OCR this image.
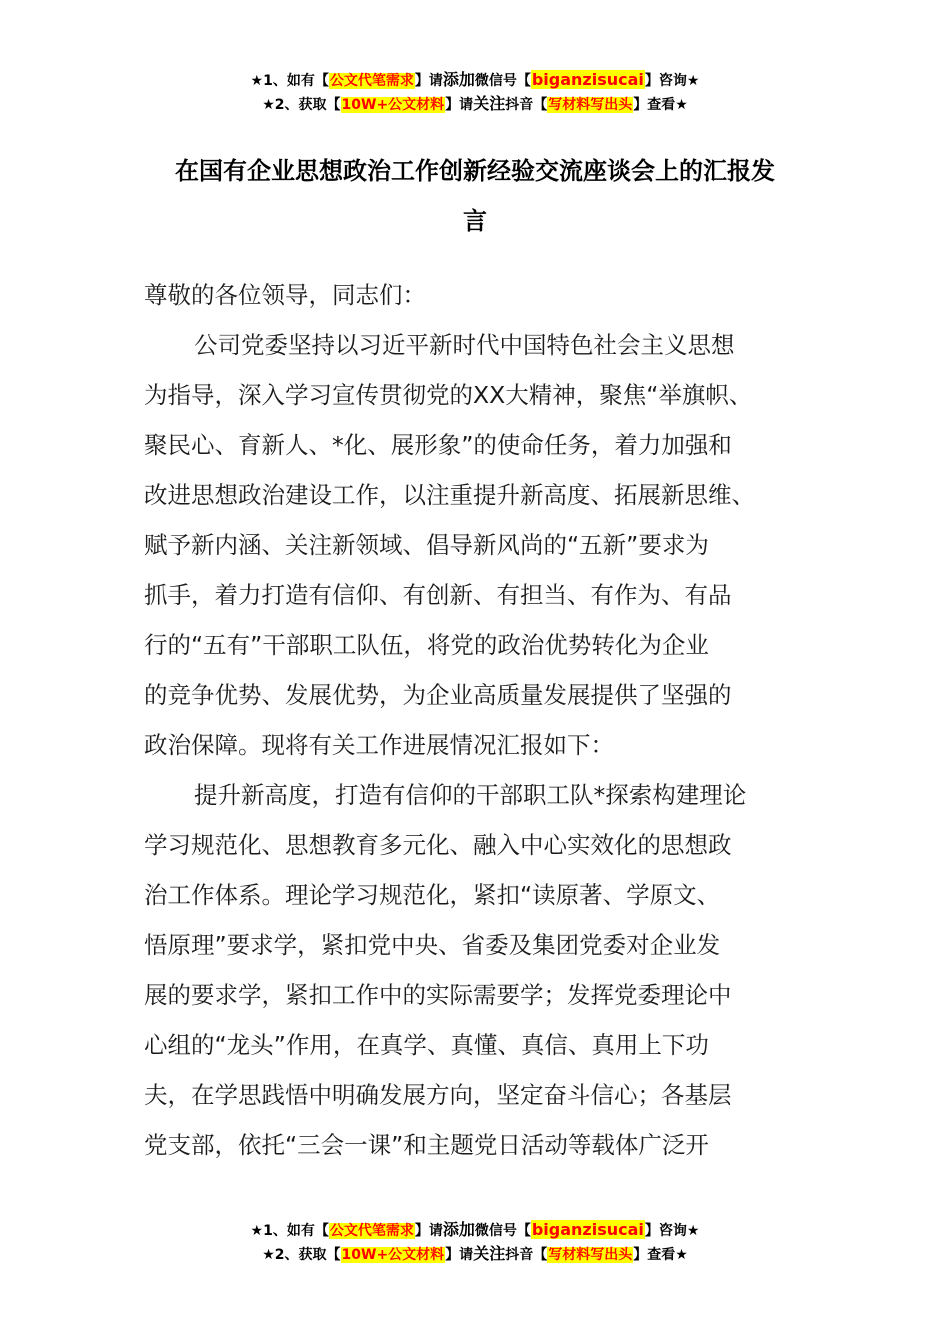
★1、如有【公文代笔需求】请添加微信号【biganzisucai】咨询★
★2、获取【10W+公文材料】请关注抖音【写材料写出头】查看★
在国有企业思想政治工作创新经验交流座谈会上的汇报发
言
尊敬的各位领导，同志们：
公司党委坚持以习近平新时代中国特色社会主义思想
为指导，深入学习宣传贯彻党的XX大精神，聚焦“举旗帜、
聚民心、育新人、*化、展形象”的使命任务，着力加强和
改进思想政治建设工作，以注重提升新高度、拓展新思维、
赋予新内涵、关注新领域、倡导新风尚的“五新”要求为
抓手，着力打造有信仰、有创新、有担当、有作为、有品
行的“五有”干部职工队伍，将党的政治优势转化为企业
的竞争优势、发展优势，为企业高质量发展提供了坚强的
政治保障。现将有关工作进展情况汇报如下：
提升新高度，打造有信仰的干部职工队*探索构建理论
学习规范化、思想教育多元化、融入中心实效化的思想政
治工作体系。理论学习规范化，紧扣“读原著、学原文、
悟原理”要求学，紧扣党中央、省委及集团党委对企业发
展的要求学，紧扣工作中的实际需要学；发挥党委理论中
心组的“龙头”作用，在真学、真懂、真信、真用上下功
夫，在学思践悟中明确发展方向，坚定奋斗信心；各基层
党支部，依托“三会一课”和主题党日活动等载体广泛开
★1、如有【公文代笔需求】请添加微信号【biganzisucai】咨询★
★2、获取【10W+公文材料】请关注抖音【写材料写出头】查看★
